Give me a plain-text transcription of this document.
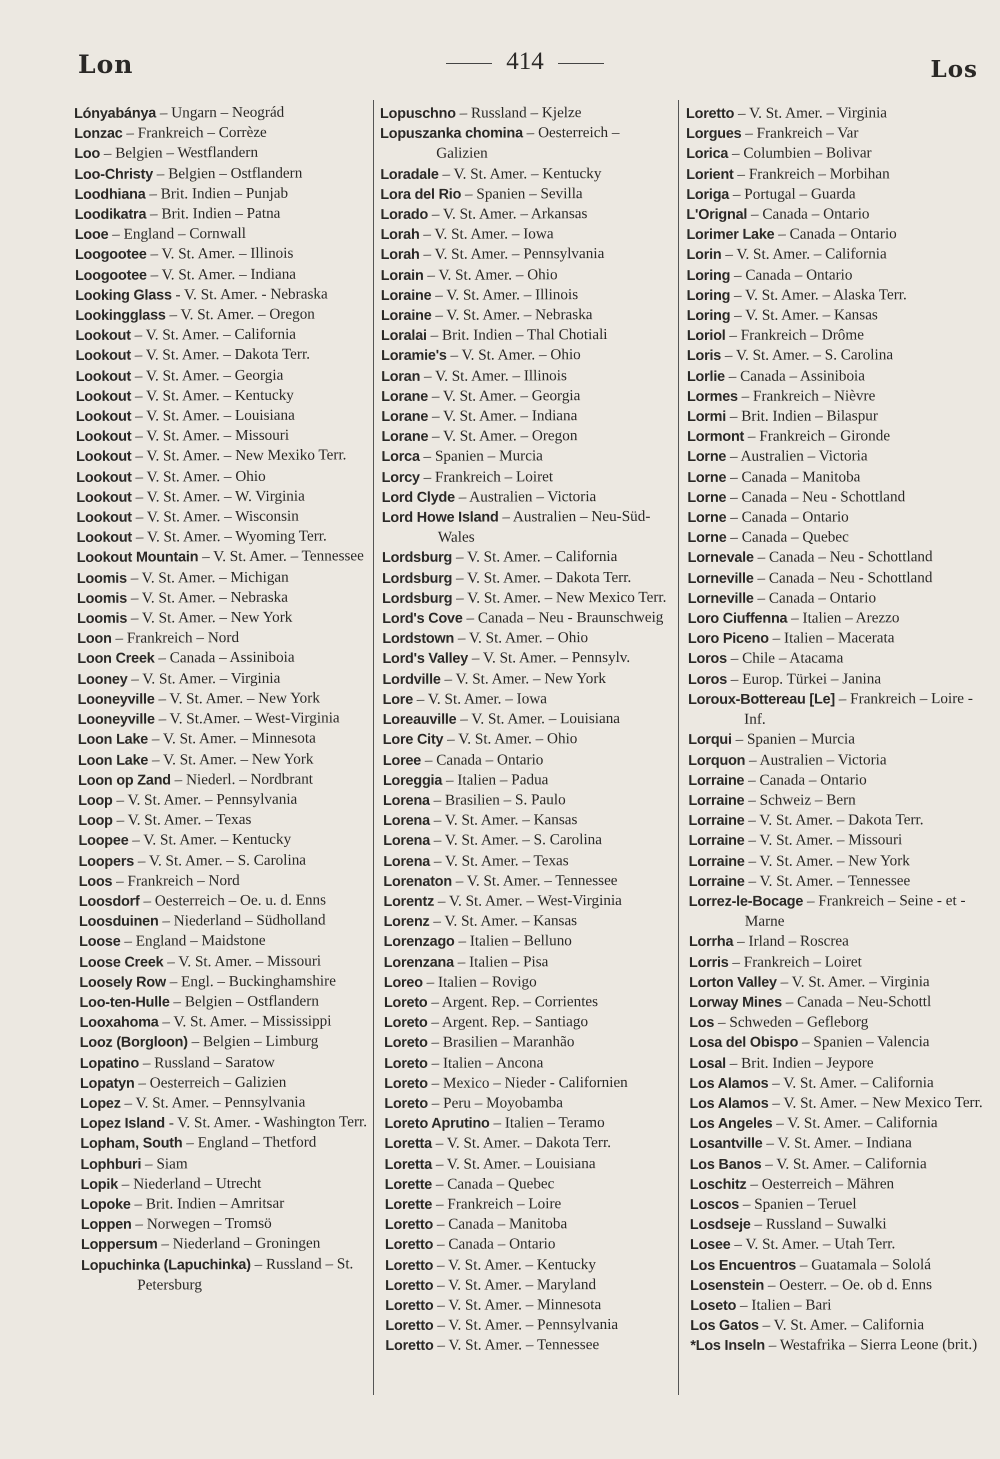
Lon	414	Los
Lónyabánya – Ungarn – Neográd
Lonzac – Frankreich – Corrèze
Loo – Belgien – Westflandern
Loo-Christy – Belgien – Ostflandern
Loodhiana – Brit. Indien – Punjab
Loodikatra – Brit. Indien – Patna
Looe – England – Cornwall
Loogootee – V. St. Amer. – Illinois
Loogootee – V. St. Amer. – Indiana
Looking Glass - V. St. Amer. - Nebraska
Lookingglass – V. St. Amer. – Oregon
Lookout – V. St. Amer. – California
Lookout – V. St. Amer. – Dakota Terr.
Lookout – V. St. Amer. – Georgia
Lookout – V. St. Amer. – Kentucky
Lookout – V. St. Amer. – Louisiana
Lookout – V. St. Amer. – Missouri
Lookout – V. St. Amer. – New Mexiko Terr.
Lookout – V. St. Amer. – Ohio
Lookout – V. St. Amer. – W. Virginia
Lookout – V. St. Amer. – Wisconsin
Lookout – V. St. Amer. – Wyoming Terr.
Lookout Mountain – V. St. Amer. – Tennessee
Loomis – V. St. Amer. – Michigan
Loomis – V. St. Amer. – Nebraska
Loomis – V. St. Amer. – New York
Loon – Frankreich – Nord
Loon Creek – Canada – Assiniboia
Looney – V. St. Amer. – Virginia
Looneyville – V. St. Amer. – New York
Looneyville – V. St.Amer. – West-Virginia
Loon Lake – V. St. Amer. – Minnesota
Loon Lake – V. St. Amer. – New York
Loon op Zand – Niederl. – Nordbrant
Loop – V. St. Amer. – Pennsylvania
Loop – V. St. Amer. – Texas
Loopee – V. St. Amer. – Kentucky
Loopers – V. St. Amer. – S. Carolina
Loos – Frankreich – Nord
Loosdorf – Oesterreich – Oe. u. d. Enns
Loosduinen – Niederland – Südholland
Loose – England – Maidstone
Loose Creek – V. St. Amer. – Missouri
Loosely Row – Engl. – Buckinghamshire
Loo-ten-Hulle – Belgien – Ostflandern
Looxahoma – V. St. Amer. – Mississippi
Looz (Borgloon) – Belgien – Limburg
Lopatino – Russland – Saratow
Lopatyn – Oesterreich – Galizien
Lopez – V. St. Amer. – Pennsylvania
Lopez Island - V. St. Amer. - Washington Terr.
Lopham, South – England – Thetford
Lophburi – Siam
Lopik – Niederland – Utrecht
Lopoke – Brit. Indien – Amritsar
Loppen – Norwegen – Tromsö
Loppersum – Niederland – Groningen
Lopuchinka (Lapuchinka) – Russland – St. Petersburg
Lopuschno – Russland – Kjelze
Lopuszanka chomina – Oesterreich – Galizien
Loradale – V. St. Amer. – Kentucky
Lora del Rio – Spanien – Sevilla
Lorado – V. St. Amer. – Arkansas
Lorah – V. St. Amer. – Iowa
Lorah – V. St. Amer. – Pennsylvania
Lorain – V. St. Amer. – Ohio
Loraine – V. St. Amer. – Illinois
Loraine – V. St. Amer. – Nebraska
Loralai – Brit. Indien – Thal Chotiali
Loramie's – V. St. Amer. – Ohio
Loran – V. St. Amer. – Illinois
Lorane – V. St. Amer. – Georgia
Lorane – V. St. Amer. – Indiana
Lorane – V. St. Amer. – Oregon
Lorca – Spanien – Murcia
Lorcy – Frankreich – Loiret
Lord Clyde – Australien – Victoria
Lord Howe Island – Australien – Neu-Süd-Wales
Lordsburg – V. St. Amer. – California
Lordsburg – V. St. Amer. – Dakota Terr.
Lordsburg – V. St. Amer. – New Mexico Terr.
Lord's Cove – Canada – Neu - Braunschweig
Lordstown – V. St. Amer. – Ohio
Lord's Valley – V. St. Amer. – Pennsylv.
Lordville – V. St. Amer. – New York
Lore – V. St. Amer. – Iowa
Loreauville – V. St. Amer. – Louisiana
Lore City – V. St. Amer. – Ohio
Loree – Canada – Ontario
Loreggia – Italien – Padua
Lorena – Brasilien – S. Paulo
Lorena – V. St. Amer. – Kansas
Lorena – V. St. Amer. – S. Carolina
Lorena – V. St. Amer. – Texas
Lorenaton – V. St. Amer. – Tennessee
Lorentz – V. St. Amer. – West-Virginia
Lorenz – V. St. Amer. – Kansas
Lorenzago – Italien – Belluno
Lorenzana – Italien – Pisa
Loreo – Italien – Rovigo
Loreto – Argent. Rep. – Corrientes
Loreto – Argent. Rep. – Santiago
Loreto – Brasilien – Maranhão
Loreto – Italien – Ancona
Loreto – Mexico – Nieder - Californien
Loreto – Peru – Moyobamba
Loreto Aprutino – Italien – Teramo
Loretta – V. St. Amer. – Dakota Terr.
Loretta – V. St. Amer. – Louisiana
Lorette – Canada – Quebec
Lorette – Frankreich – Loire
Loretto – Canada – Manitoba
Loretto – Canada – Ontario
Loretto – V. St. Amer. – Kentucky
Loretto – V. St. Amer. – Maryland
Loretto – V. St. Amer. – Minnesota
Loretto – V. St. Amer. – Pennsylvania
Loretto – V. St. Amer. – Tennessee
Loretto – V. St. Amer. – Virginia
Lorgues – Frankreich – Var
Lorica – Columbien – Bolivar
Lorient – Frankreich – Morbihan
Loriga – Portugal – Guarda
L'Orignal – Canada – Ontario
Lorimer Lake – Canada – Ontario
Lorin – V. St. Amer. – California
Loring – Canada – Ontario
Loring – V. St. Amer. – Alaska Terr.
Loring – V. St. Amer. – Kansas
Loriol – Frankreich – Drôme
Loris – V. St. Amer. – S. Carolina
Lorlie – Canada – Assiniboia
Lormes – Frankreich – Nièvre
Lormi – Brit. Indien – Bilaspur
Lormont – Frankreich – Gironde
Lorne – Australien – Victoria
Lorne – Canada – Manitoba
Lorne – Canada – Neu - Schottland
Lorne – Canada – Ontario
Lorne – Canada – Quebec
Lornevale – Canada – Neu - Schottland
Lorneville – Canada – Neu - Schottland
Lorneville – Canada – Ontario
Loro Ciuffenna – Italien – Arezzo
Loro Piceno – Italien – Macerata
Loros – Chile – Atacama
Loros – Europ. Türkei – Janina
Loroux-Bottereau [Le] – Frankreich – Loire - Inf.
Lorqui – Spanien – Murcia
Lorquon – Australien – Victoria
Lorraine – Canada – Ontario
Lorraine – Schweiz – Bern
Lorraine – V. St. Amer. – Dakota Terr.
Lorraine – V. St. Amer. – Missouri
Lorraine – V. St. Amer. – New York
Lorraine – V. St. Amer. – Tennessee
Lorrez-le-Bocage – Frankreich – Seine - et - Marne
Lorrha – Irland – Roscrea
Lorris – Frankreich – Loiret
Lorton Valley – V. St. Amer. – Virginia
Lorway Mines – Canada – Neu-Schottl
Los – Schweden – Gefleborg
Losa del Obispo – Spanien – Valencia
Losal – Brit. Indien – Jeypore
Los Alamos – V. St. Amer. – California
Los Alamos – V. St. Amer. – New Mexico Terr.
Los Angeles – V. St. Amer. – California
Losantville – V. St. Amer. – Indiana
Los Banos – V. St. Amer. – California
Loschitz – Oesterreich – Mähren
Loscos – Spanien – Teruel
Losdseje – Russland – Suwalki
Losee – V. St. Amer. – Utah Terr.
Los Encuentros – Guatamala – Sololá
Losenstein – Oesterr. – Oe. ob d. Enns
Loseto – Italien – Bari
Los Gatos – V. St. Amer. – California
*Los Inseln – Westafrika – Sierra Leone (brit.)
